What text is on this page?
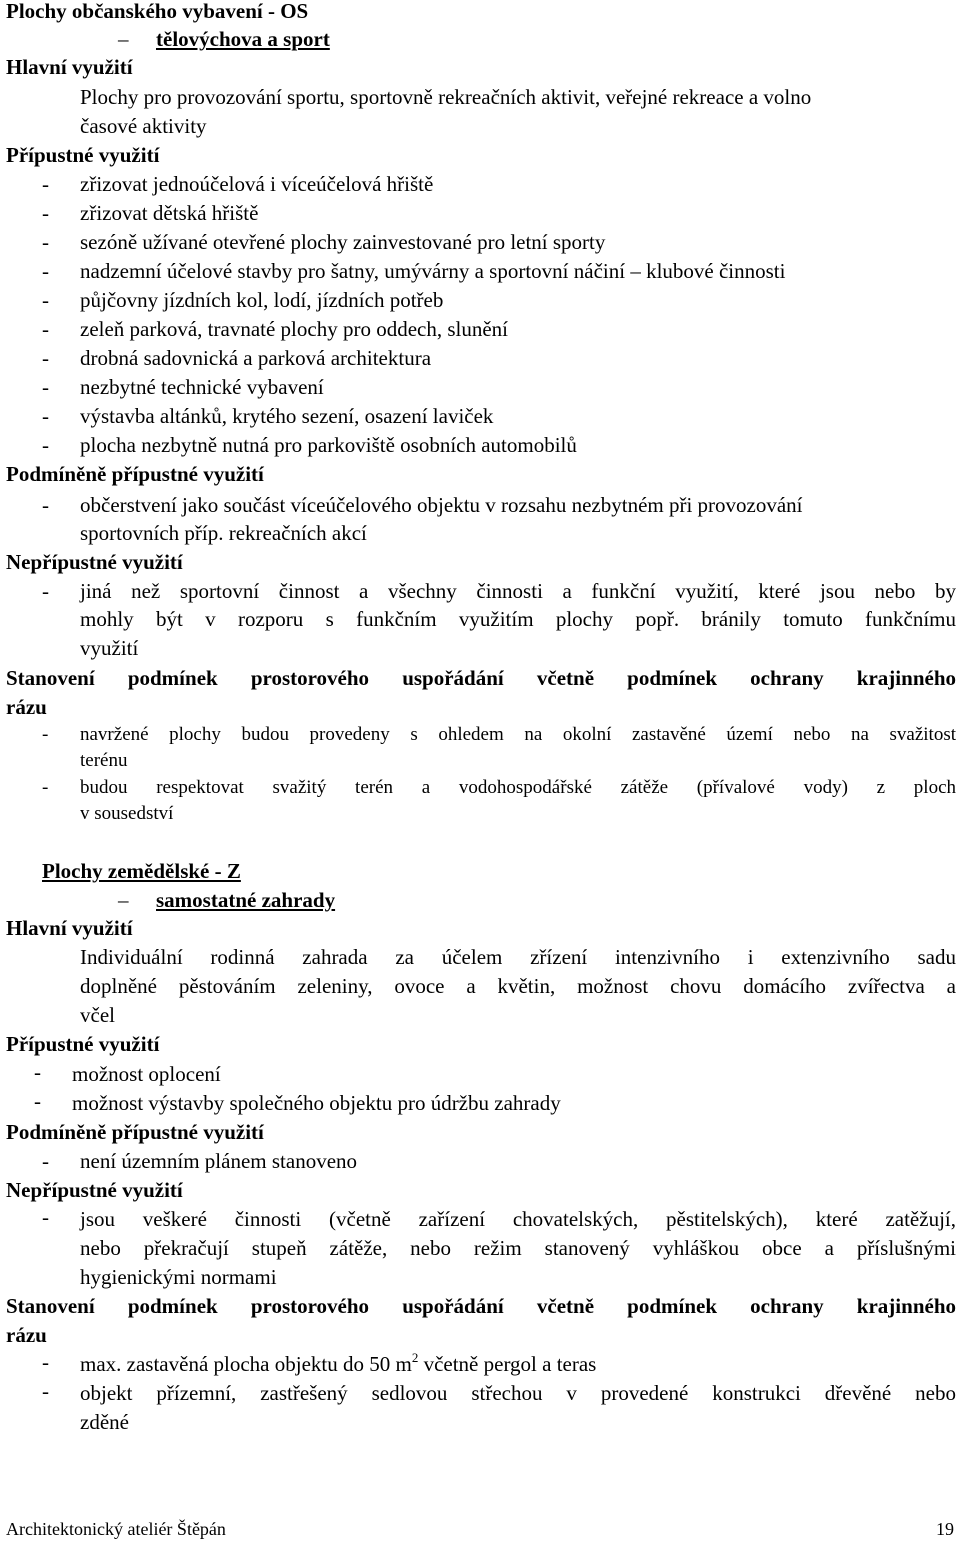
Plochy občanského vybavení - OS
– tělovýchova a sport
Hlavní využití
Plochy pro provozování sportu, sportovně rekreačních aktivit, veřejné rekreace a volno
časové aktivity
Přípustné využití
- zřizovat jednoúčelová i víceúčelová hřiště
- zřizovat dětská hřiště
- sezóně užívané otevřené plochy zainvestované pro letní sporty
- nadzemní účelové stavby pro šatny, umývárny a sportovní náčiní – klubové činnosti
- půjčovny jízdních kol, lodí, jízdních potřeb
- zeleň parková, travnaté plochy pro oddech, slunění
- drobná sadovnická a parková architektura
- nezbytné technické vybavení
- výstavba altánků, krytého sezení, osazení laviček
- plocha nezbytně nutná pro parkoviště osobních automobilů
Podmíněně přípustné využití
- občerstvení jako součást víceúčelového objektu v rozsahu nezbytném při provozování
sportovních příp. rekreačních akcí
Nepřípustné využití
- jiná než sportovní činnost a všechny činnosti a funkční využití, které jsou nebo by
mohly být v rozporu s funkčním využitím plochy popř. bránily tomuto funkčnímu
využití
Stanovení podmínek prostorového uspořádání včetně podmínek ochrany krajinného
rázu
- navržené plochy budou provedeny s ohledem na okolní zastavěné území nebo na svažitost
terénu
- budou respektovat svažitý terén a vodohospodářské zátěže (přívalové vody) z ploch
v sousedství
Plochy zemědělské - Z
– samostatné zahrady
Hlavní využití
Individuální rodinná zahrada za účelem zřízení intenzivního i extenzivního sadu
doplněné pěstováním zeleniny, ovoce a květin, možnost chovu domácího zvířectva a
včel
Přípustné využití
- možnost oplocení
- možnost výstavby společného objektu pro údržbu zahrady
Podmíněně přípustné využití
- není územním plánem stanoveno
Nepřípustné využití
- jsou veškeré činnosti (včetně zařízení chovatelských, pěstitelských), které zatěžují,
nebo překračují stupeň zátěže, nebo režim stanovený vyhláškou obce a příslušnými
hygienickými normami
Stanovení podmínek prostorového uspořádání včetně podmínek ochrany krajinného
rázu
- max. zastavěná plocha objektu do 50 $m^2$ včetně pergol a teras
- objekt přízemní, zastřešený sedlovou střechou v provedené konstrukci dřevěné nebo
zděné
Architektonický ateliér Štěpán	19
